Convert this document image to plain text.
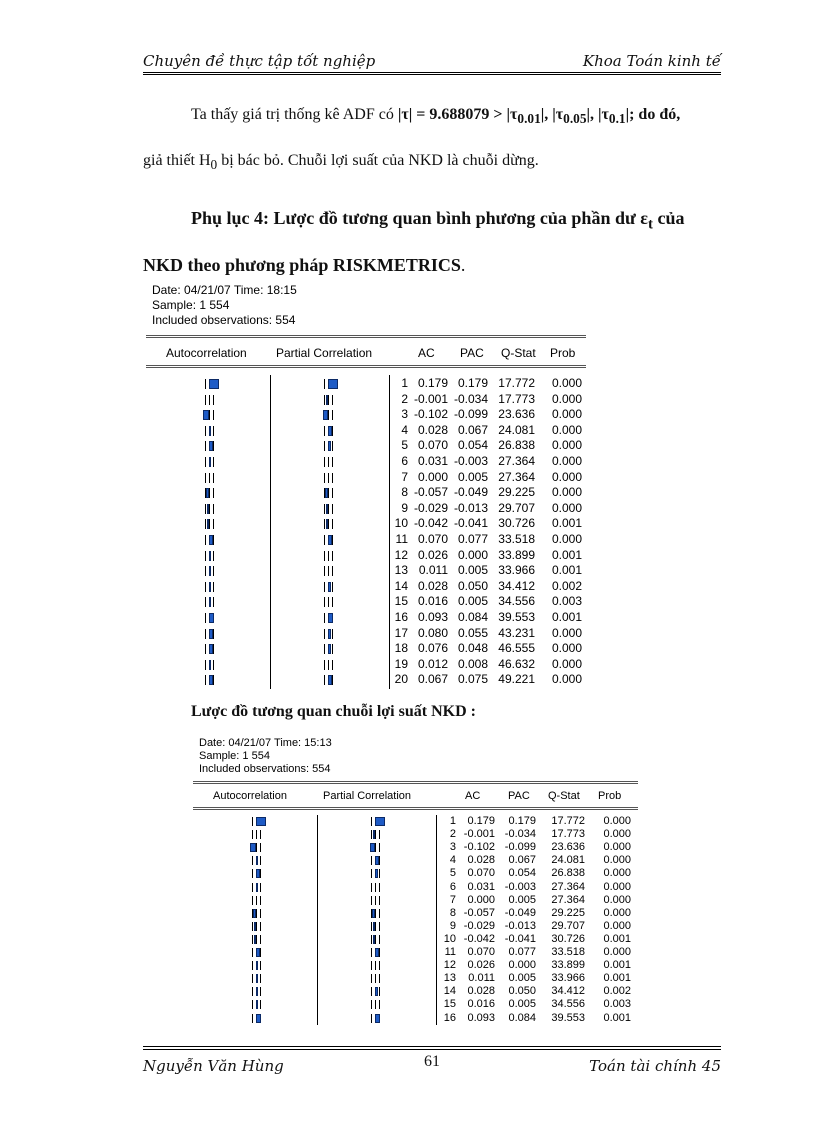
Chuyên đề thực tập tốt nghiệp	Khoa Toán kinh tế
Ta thấy giá trị thống kê ADF có $|\tau| = 9.688079 > |\tau_{0.01}|$, $|\tau_{0.05}|$, $|\tau_{0.1}|$; do đó,
giả thiết $H_0$ bị bác bỏ. Chuỗi lợi suất của NKD là chuỗi dừng.
Phụ lục 4: Lược đồ tương quan bình phương của phần dư $\varepsilon_t$ của
NKD theo phương pháp RISKMETRICS.
Date: 04/21/07 Time: 18:15
Sample: 1 554
Included observations: 554
Autocorrelation Partial Correlation	AC PAC Q-Stat Prob
1 0.179 0.179 17.772 0.000
2 -0.001 -0.034 17.773 0.000
3 -0.102 -0.099 23.636 0.000
4 0.028 0.067 24.081 0.000
5 0.070 0.054 26.838 0.000
6 0.031 -0.003 27.364 0.000
7 0.000 0.005 27.364 0.000
8 -0.057 -0.049 29.225 0.000
9 -0.029 -0.013 29.707 0.000
10 -0.042 -0.041 30.726 0.001
11 0.070 0.077 33.518 0.000
12 0.026 0.000 33.899 0.001
13 0.011 0.005 33.966 0.001
14 0.028 0.050 34.412 0.002
15 0.016 0.005 34.556 0.003
16 0.093 0.084 39.553 0.001
17 0.080 0.055 43.231 0.000
18 0.076 0.048 46.555 0.000
19 0.012 0.008 46.632 0.000
20 0.067 0.075 49.221 0.000
Lược đồ tương quan chuỗi lợi suất NKD :
Date: 04/21/07 Time: 15:13
Sample: 1 554
Included observations: 554
Autocorrelation	Partial Correlation	AC	PAC Q-Stat Prob
1 0.179 0.179 17.772 0.000
2 -0.001 -0.034 17.773 0.000
3 -0.102 -0.099 23.636 0.000
4 0.028 0.067 24.081 0.000
5 0.070 0.054 26.838 0.000
6 0.031 -0.003 27.364 0.000
7 0.000 0.005 27.364 0.000
8 -0.057 -0.049 29.225 0.000
9 -0.029 -0.013 29.707 0.000
10 -0.042 -0.041 30.726 0.001
11 0.070 0.077 33.518 0.000
12 0.026 0.000 33.899 0.001
13 0.011 0.005 33.966 0.001
14 0.028 0.050 34.412 0.002
15 0.016 0.005 34.556 0.003
16 0.093 0.084 39.553 0.001
Nguyễn Văn Hùng	61	Toán tài chính 45
